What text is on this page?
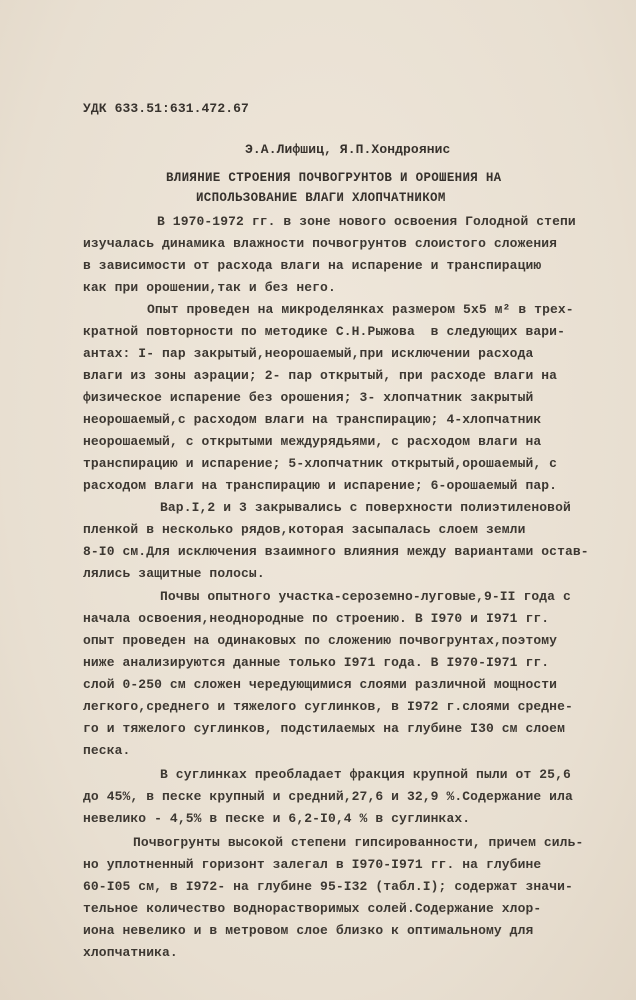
УДК 633.51:631.472.67
Э.А.Лифшиц, Я.П.Хондроянис
ВЛИЯНИЕ СТРОЕНИЯ ПОЧВОГРУНТОВ И ОРОШЕНИЯ НА
ИСПОЛЬЗОВАНИЕ ВЛАГИ ХЛОПЧАТНИКОМ
В 1970-1972 гг. в зоне нового освоения Голодной степи
изучалась динамика влажности почвогрунтов слоистого сложения
в зависимости от расхода влаги на испарение и транспирацию
как при орошении,так и без него.
Опыт проведен на микроделянках размером 5х5 м² в трех-
кратной повторности по методике С.Н.Рыжова  в следующих вари-
антах: I- пар закрытый,неорошаемый,при исключении расхода
влаги из зоны аэрации; 2- пар открытый, при расходе влаги на
физическое испарение без орошения; 3- хлопчатник закрытый
неорошаемый,с расходом влаги на транспирацию; 4-хлопчатник
неорошаемый, с открытыми междурядьями, с расходом влаги на
транспирацию и испарение; 5-хлопчатник открытый,орошаемый, с
расходом влаги на транспирацию и испарение; 6-орошаемый пар.
Вар.I,2 и 3 закрывались с поверхности полиэтиленовой
пленкой в несколько рядов,которая засыпалась слоем земли
8-I0 см.Для исключения взаимного влияния между вариантами остав-
лялись защитные полосы.
Почвы опытного участка-сероземно-луговые,9-II года с
начала освоения,неоднородные по строению. В I970 и I971 гг.
опыт проведен на одинаковых по сложению почвогрунтах,поэтому
ниже анализируются данные только I971 года. В I970-I971 гг.
слой 0-250 см сложен чередующимися слоями различной мощности
легкого,среднего и тяжелого суглинков, в I972 г.слоями средне-
го и тяжелого суглинков, подстилаемых на глубине I30 см слоем
песка.
В суглинках преобладает фракция крупной пыли от 25,6
до 45%, в песке крупный и средний,27,6 и 32,9 %.Содержание ила
невелико - 4,5% в песке и 6,2-I0,4 % в суглинках.
Почвогрунты высокой степени гипсированности, причем силь-
но уплотненный горизонт залегал в I970-I971 гг. на глубине
60-I05 см, в I972- на глубине 95-I32 (табл.I); содержат значи-
тельное количество воднорастворимых солей.Содержание хлор-
иона невелико и в метровом слое близко к оптимальному для
хлопчатника.
